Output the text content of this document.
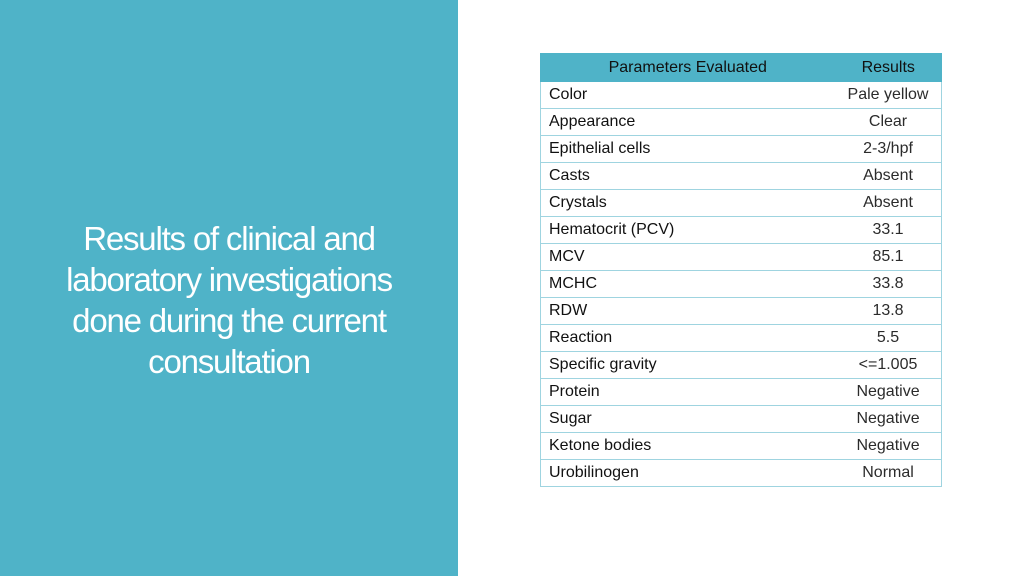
Results of clinical and laboratory investigations done during the current consultation
Parameters Evaluated	Results
Color	Pale yellow
Appearance	Clear
Epithelial cells	2-3/hpf
Casts	Absent
Crystals	Absent
Hematocrit (PCV)	33.1
MCV	85.1
MCHC	33.8
RDW	13.8
Reaction	5.5
Specific gravity	<=1.005
Protein	Negative
Sugar	Negative
Ketone bodies	Negative
Urobilinogen	Normal
